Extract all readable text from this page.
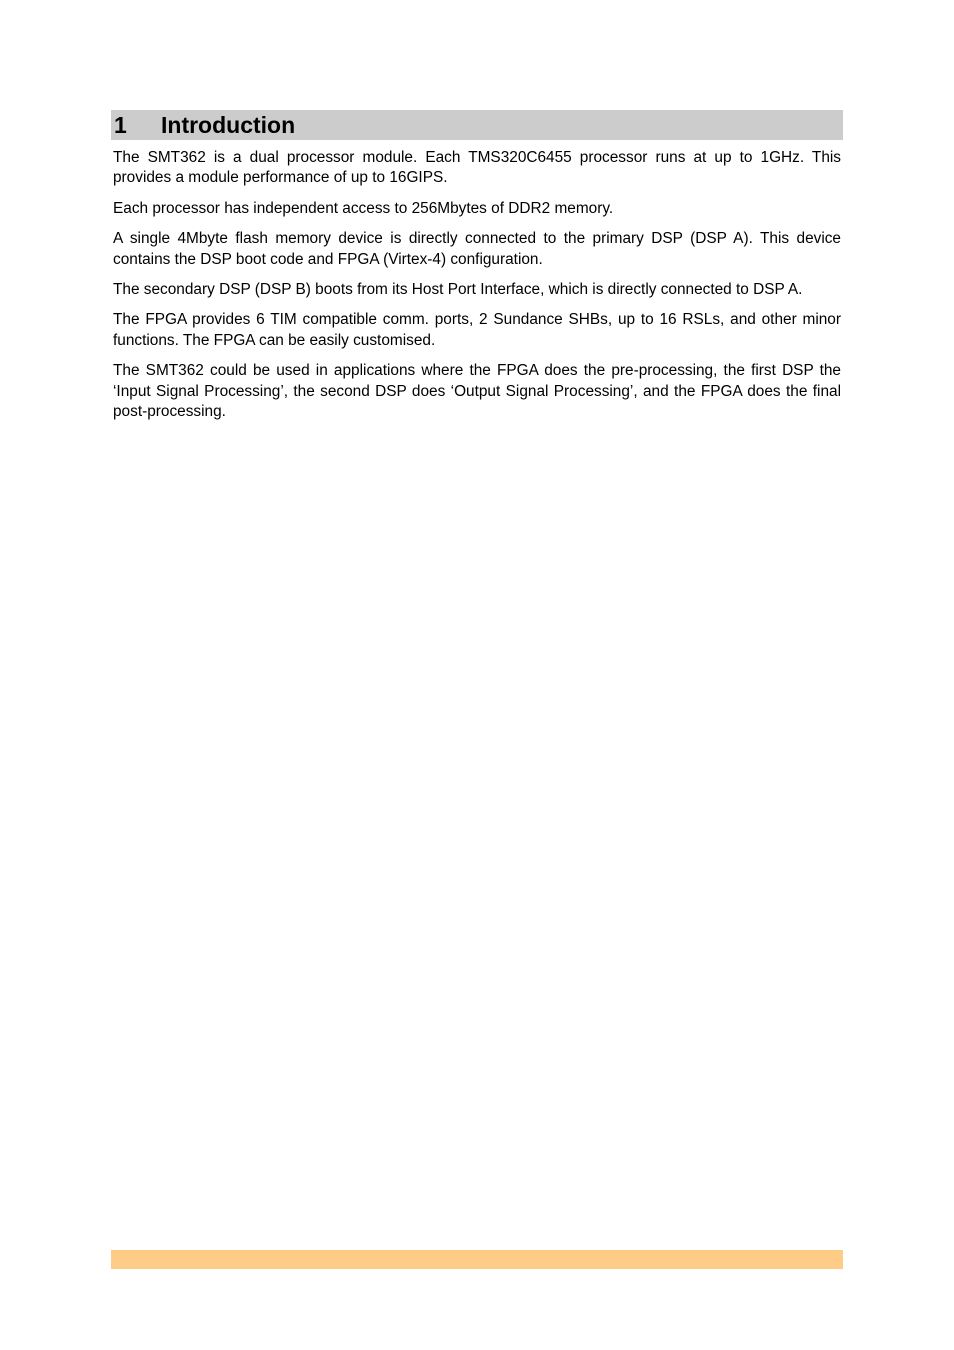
1	Introduction

The SMT362 is a dual processor module. Each TMS320C6455 processor runs at up to 1GHz. This provides a module performance of up to 16GIPS.

Each processor has independent access to 256Mbytes of DDR2 memory.

A single 4Mbyte flash memory device is directly connected to the primary DSP (DSP A). This device contains the DSP boot code and FPGA (Virtex-4) configuration.

The secondary DSP (DSP B) boots from its Host Port Interface, which is directly connected to DSP A.

The FPGA provides 6 TIM compatible comm. ports, 2 Sundance SHBs, up to 16 RSLs, and other minor functions. The FPGA can be easily customised.

The SMT362 could be used in applications where the FPGA does the pre-processing, the first DSP the ‘Input Signal Processing’, the second DSP does ‘Output Signal Processing’, and the FPGA does the final post-processing.
